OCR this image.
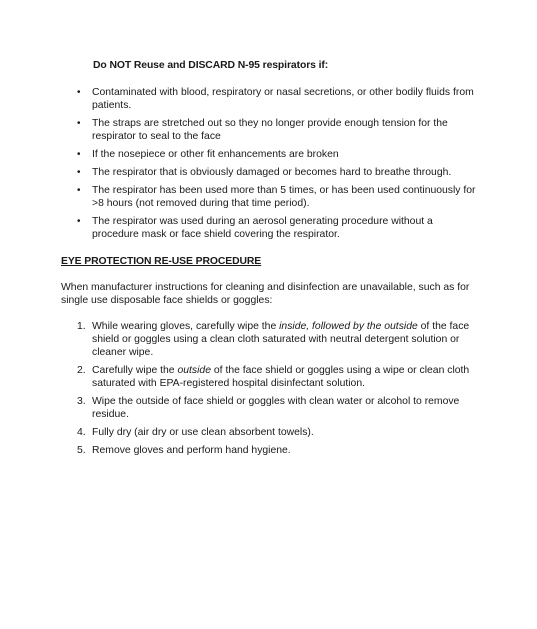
Do NOT Reuse and DISCARD N-95 respirators if:
• Contaminated with blood, respiratory or nasal secretions, or other bodily fluids from patients.
• The straps are stretched out so they no longer provide enough tension for the respirator to seal to the face
• If the nosepiece or other fit enhancements are broken
• The respirator that is obviously damaged or becomes hard to breathe through.
• The respirator has been used more than 5 times, or has been used continuously for >8 hours (not removed during that time period).
• The respirator was used during an aerosol generating procedure without a procedure mask or face shield covering the respirator.
EYE PROTECTION RE-USE PROCEDURE
When manufacturer instructions for cleaning and disinfection are unavailable, such as for single use disposable face shields or goggles:
1. While wearing gloves, carefully wipe the inside, followed by the outside of the face shield or goggles using a clean cloth saturated with neutral detergent solution or cleaner wipe.
2. Carefully wipe the outside of the face shield or goggles using a wipe or clean cloth saturated with EPA-registered hospital disinfectant solution.
3. Wipe the outside of face shield or goggles with clean water or alcohol to remove residue.
4. Fully dry (air dry or use clean absorbent towels).
5. Remove gloves and perform hand hygiene.
